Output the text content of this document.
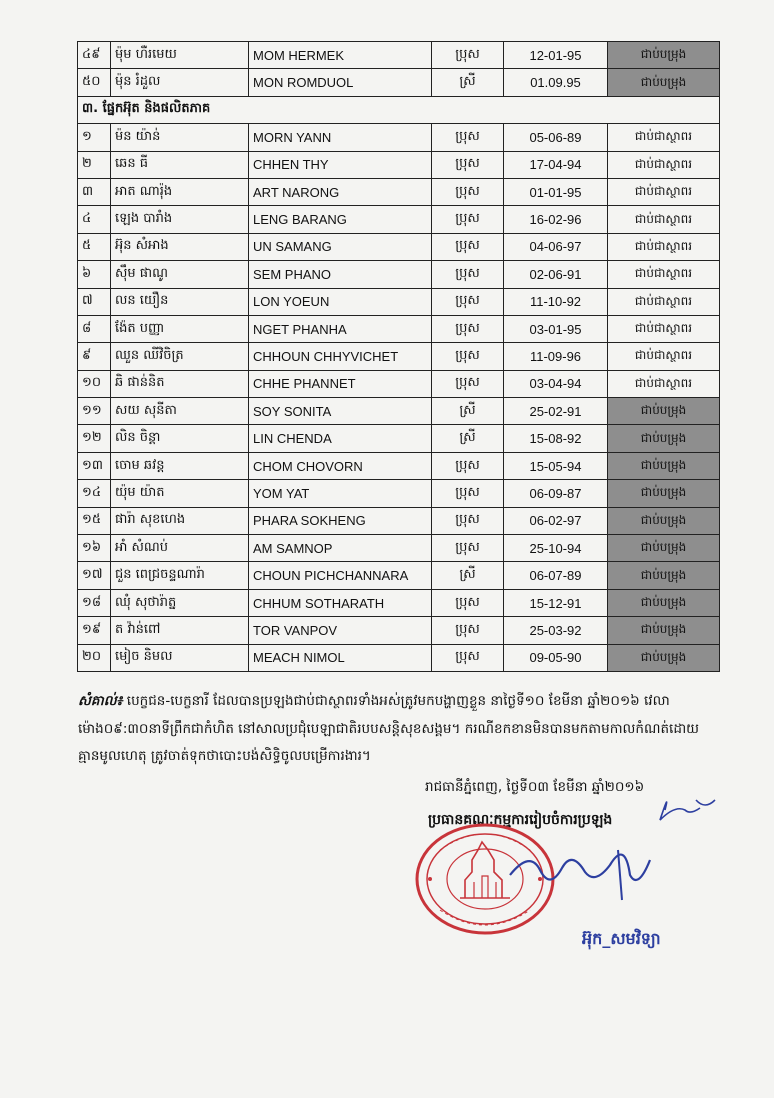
៤៩	ម៉ុម ហឺរមេយ	MOM HERMEK	ប្រុស	12-01-95	ជាប់បម្រុង
៥០	ម៉ុន រំដួល	MON ROMDUOL	ស្រី	01.09.95	ជាប់បម្រុង
៣. ផ្នែកអ៊ុត និងផលិតភាគ					
១	ម៉ន យ៉ាន់	MORN YANN	ប្រុស	05-06-89	ជាប់ជាស្ថាពរ
២	ឆេន ធី	CHHEN THY	ប្រុស	17-04-94	ជាប់ជាស្ថាពរ
៣	អាត ណារ៉ុង	ART NARONG	ប្រុស	01-01-95	ជាប់ជាស្ថាពរ
៤	ឡេង បារាំង	LENG BARANG	ប្រុស	16-02-96	ជាប់ជាស្ថាពរ
៥	អ៊ុន សំអាង	UN SAMANG	ប្រុស	04-06-97	ជាប់ជាស្ថាពរ
៦	ស៊ឹម ផាណូ	SEM PHANO	ប្រុស	02-06-91	ជាប់ជាស្ថាពរ
៧	លន យឿន	LON YOEUN	ប្រុស	11-10-92	ជាប់ជាស្ថាពរ
៨	ង៉ែត បញ្ញា	NGET PHANHA	ប្រុស	03-01-95	ជាប់ជាស្ថាពរ
៩	ឈួន ឈីវិចិត្រ	CHHOUN CHHYVICHET	ប្រុស	11-09-96	ជាប់ជាស្ថាពរ
១០	ឆិ ផាន់និត	CHHE PHANNET	ប្រុស	03-04-94	ជាប់ជាស្ថាពរ
១១	សយ សុនីតា	SOY SONITA	ស្រី	25-02-91	ជាប់បម្រុង
១២	លិន ចិន្តា	LIN CHENDA	ស្រី	15-08-92	ជាប់បម្រុង
១៣	ចោម ឆវន្ត	CHOM CHOVORN	ប្រុស	15-05-94	ជាប់បម្រុង
១៤	យ៉ុម យ៉ាត	YOM YAT	ប្រុស	06-09-87	ជាប់បម្រុង
១៥	ផារ៉ា សុខហេង	PHARA SOKHENG	ប្រុស	06-02-97	ជាប់បម្រុង
១៦	អាំ សំណប់	AM SAMNOP	ប្រុស	25-10-94	ជាប់បម្រុង
១៧	ជួន ពេជ្រចន្ទណារ៉ា	CHOUN PICHCHANNARA	ស្រី	06-07-89	ជាប់បម្រុង
១៨	ឈុំ សុថារ៉ាត្ន	CHHUM SOTHARATH	ប្រុស	15-12-91	ជាប់បម្រុង
១៩	ត វ៉ាន់ពៅ	TOR VANPOV	ប្រុស	25-03-92	ជាប់បម្រុង
២០	មៀច និមល	MEACH NIMOL	ប្រុស	09-05-90	ជាប់បម្រុង
សំគាល់៖ បេក្ខជន-បេក្ខនារី ដែលបានប្រឡងជាប់ជាស្ថាពរទាំងអស់ត្រូវមកបង្ហាញខ្លួន នាថ្ងៃទី១០ ខែមីនា ឆ្នាំ២០១៦ វេលាម៉ោង០៩:៣០នាទីព្រឹកជាកំហិត នៅសាលប្រជុំបេឡាជាតិរបបសន្តិសុខសង្គម។ ករណីខកខានមិនបានមកតាមកាលកំណត់ដោយគ្មានមូលហេតុ ត្រូវចាត់ទុកថាបោះបង់សិទ្ធិចូលបម្រើការងារ។
រាជធានីភ្នំពេញ, ថ្ងៃទី០៣ ខែមីនា ឆ្នាំ២០១៦
ប្រធានគណៈកម្មការរៀបចំការប្រឡង
អ៊ុក_សមវិទ្យា
